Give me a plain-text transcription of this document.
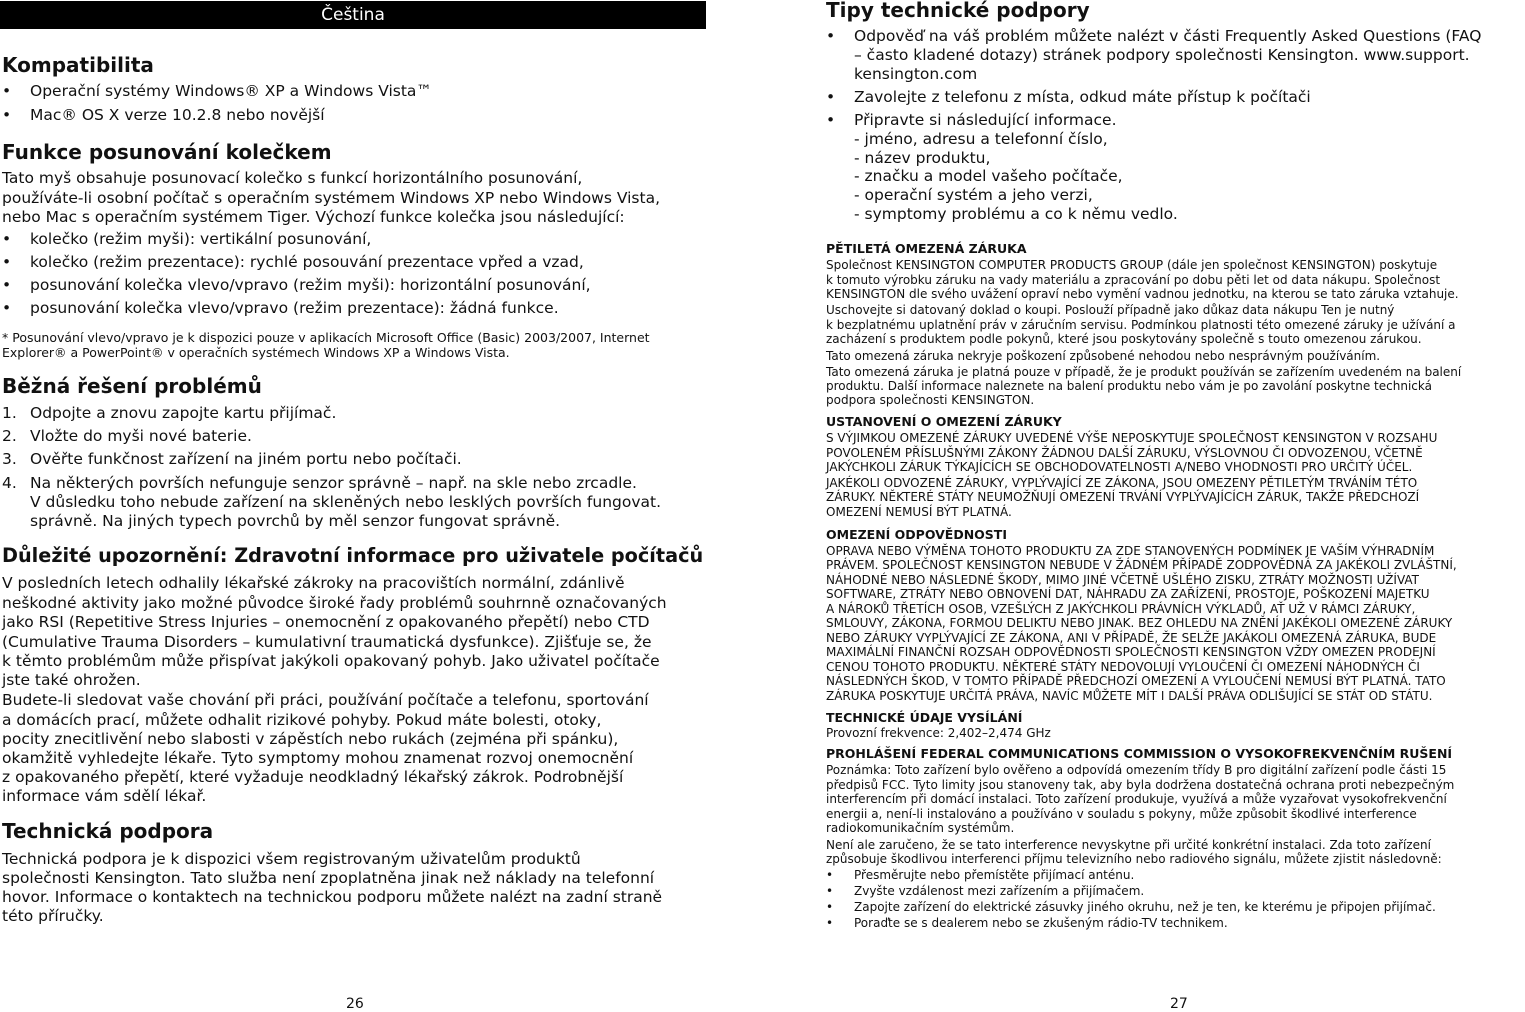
Čeština
Kompatibilita
•	Operační systémy Windows® XP a Windows Vista™
•	Mac® OS X verze 10.2.8 nebo novější
Funkce posunování kolečkem
Tato myš obsahuje posunovací kolečko s funkcí horizontálního posunování,
používáte-li osobní počítač s operačním systémem Windows XP nebo Windows Vista,
nebo Mac s operačním systémem Tiger. Výchozí funkce kolečka jsou následující:
•	kolečko (režim myši): vertikální posunování,
•	kolečko (režim prezentace): rychlé posouvání prezentace vpřed a vzad,
•	posunování kolečka vlevo/vpravo (režim myši): horizontální posunování,
•	posunování kolečka vlevo/vpravo (režim prezentace): žádná funkce.
* Posunování vlevo/vpravo je k dispozici pouze v aplikacích Microsoft Office (Basic) 2003/2007, Internet
Explorer® a PowerPoint® v operačních systémech Windows XP a Windows Vista.
Běžná řešení problémů
1. Odpojte a znovu zapojte kartu přijímač.
2. Vložte do myši nové baterie.
3. Ověřte funkčnost zařízení na jiném portu nebo počítači.
4. Na některých površích nefunguje senzor správně – např. na skle nebo zrcadle.
V důsledku toho nebude zařízení na skleněných nebo lesklých površích fungovat.
správně. Na jiných typech povrchů by měl senzor fungovat správně.
Důležité upozornění: Zdravotní informace pro uživatele počítačů
V posledních letech odhalily lékařské zákroky na pracovištích normální, zdánlivě
neškodné aktivity jako možné původce široké řady problémů souhrnně označovaných
jako RSI (Repetitive Stress Injuries – onemocnění z opakovaného přepětí) nebo CTD
(Cumulative Trauma Disorders – kumulativní traumatická dysfunkce). Zjišťuje se, že
k těmto problémům může přispívat jakýkoli opakovaný pohyb. Jako uživatel počítače
jste také ohrožen.
Budete-li sledovat vaše chování při práci, používání počítače a telefonu, sportování
a domácích prací, můžete odhalit rizikové pohyby. Pokud máte bolesti, otoky,
pocity znecitlivění nebo slabosti v zápěstích nebo rukách (zejména při spánku),
okamžitě vyhledejte lékaře. Tyto symptomy mohou znamenat rozvoj onemocnění
z opakovaného přepětí, které vyžaduje neodkladný lékařský zákrok. Podrobnější
informace vám sdělí lékař.
Technická podpora
Technická podpora je k dispozici všem registrovaným uživatelům produktů
společnosti Kensington. Tato služba není zpoplatněna jinak než náklady na telefonní
hovor. Informace o kontaktech na technickou podporu můžete nalézt na zadní straně
této příručky.
26
Tipy technické podpory
• Odpověď na váš problém můžete nalézt v části Frequently Asked Questions (FAQ
– často kladené dotazy) stránek podpory společnosti Kensington. www.support.
kensington.com
• Zavolejte z telefonu z místa, odkud máte přístup k počítači
• Připravte si následující informace.
- jméno, adresu a telefonní číslo,
- název produktu,
- značku a model vašeho počítače,
- operační systém a jeho verzi,
- symptomy problému a co k němu vedlo.
PĚTILETÁ OMEZENÁ ZÁRUKA
Společnost KENSINGTON COMPUTER PRODUCTS GROUP (dále jen společnost KENSINGTON) poskytuje
k tomuto výrobku záruku na vady materiálu a zpracování po dobu pěti let od data nákupu. Společnost
KENSINGTON dle svého uvážení opraví nebo vymění vadnou jednotku, na kterou se tato záruka vztahuje.
Uschovejte si datovaný doklad o koupi. Poslouží případně jako důkaz data nákupu Ten je nutný
k bezplatnému uplatnění práv v záručním servisu. Podmínkou platnosti této omezené záruky je užívání a
zacházení s produktem podle pokynů, které jsou poskytovány společně s touto omezenou zárukou.
Tato omezená záruka nekryje poškození způsobené nehodou nebo nesprávným používáním.
Tato omezená záruka je platná pouze v případě, že je produkt používán se zařízením uvedeném na balení
produktu. Další informace naleznete na balení produktu nebo vám je po zavolání poskytne technická
podpora společnosti KENSINGTON.
USTANOVENÍ O OMEZENÍ ZÁRUKY
S VÝJIMKOU OMEZENÉ ZÁRUKY UVEDENÉ VÝŠE NEPOSKYTUJE SPOLEČNOST KENSINGTON V ROZSAHU
POVOLENÉM PŘÍSLUŠNÝMI ZÁKONY ŽÁDNOU DALŠÍ ZÁRUKU, VÝSLOVNOU ČI ODVOZENOU, VČETNĚ
JAKÝCHKOLI ZÁRUK TÝKAJÍCÍCH SE OBCHODOVATELNOSTI A/NEBO VHODNOSTI PRO URČITÝ ÚČEL.
JAKÉKOLI ODVOZENÉ ZÁRUKY, VYPLÝVAJÍCÍ ZE ZÁKONA, JSOU OMEZENY PĚTILETÝM TRVÁNÍM TÉTO
ZÁRUKY. NĚKTERÉ STÁTY NEUMOŽŇUJÍ OMEZENÍ TRVÁNÍ VYPLÝVAJÍCÍCH ZÁRUK, TAKŽE PŘEDCHOZÍ
OMEZENÍ NEMUSÍ BÝT PLATNÁ.
OMEZENÍ ODPOVĚDNOSTI
OPRAVA NEBO VÝMĚNA TOHOTO PRODUKTU ZA ZDE STANOVENÝCH PODMÍNEK JE VAŠÍM VÝHRADNÍM
PRÁVEM. SPOLEČNOST KENSINGTON NEBUDE V ŽÁDNÉM PŘÍPADĚ ZODPOVĚDNÁ ZA JAKÉKOLI ZVLÁŠTNÍ,
NÁHODNÉ NEBO NÁSLEDNÉ ŠKODY, MIMO JINÉ VČETNĚ UŠLÉHO ZISKU, ZTRÁTY MOŽNOSTI UŽÍVAT
SOFTWARE, ZTRÁTY NEBO OBNOVENÍ DAT, NÁHRADU ZA ZAŘÍZENÍ, PROSTOJE, POŠKOZENÍ MAJETKU
A NÁROKŮ TŘETÍCH OSOB, VZEŠLÝCH Z JAKÝCHKOLI PRÁVNÍCH VÝKLADŮ, AŤ UŽ V RÁMCI ZÁRUKY,
SMLOUVY, ZÁKONA, FORMOU DELIKTU NEBO JINAK. BEZ OHLEDU NA ZNĚNÍ JAKÉKOLI OMEZENÉ ZÁRUKY
NEBO ZÁRUKY VYPLÝVAJÍCÍ ZE ZÁKONA, ANI V PŘÍPADĚ, ŽE SELŽE JAKÁKOLI OMEZENÁ ZÁRUKA, BUDE
MAXIMÁLNÍ FINANČNÍ ROZSAH ODPOVĚDNOSTI SPOLEČNOSTI KENSINGTON VŽDY OMEZEN PRODEJNÍ
CENOU TOHOTO PRODUKTU. NĚKTERÉ STÁTY NEDOVOLUJÍ VYLOUČENÍ ČI OMEZENÍ NÁHODNÝCH ČI
NÁSLEDNÝCH ŠKOD, V TOMTO PŘÍPADĚ PŘEDCHOZÍ OMEZENÍ A VYLOUČENÍ NEMUSÍ BÝT PLATNÁ. TATO
ZÁRUKA POSKYTUJE URČITÁ PRÁVA, NAVÍC MŮŽETE MÍT I DALŠÍ PRÁVA ODLIŠUJÍCÍ SE STÁT OD STÁTU.
TECHNICKÉ ÚDAJE VYSÍLÁNÍ
Provozní frekvence: 2,402–2,474 GHz
PROHLÁŠENÍ FEDERAL COMMUNICATIONS COMMISSION O VYSOKOFREKVENČNÍM RUŠENÍ
Poznámka: Toto zařízení bylo ověřeno a odpovídá omezením třídy B pro digitální zařízení podle části 15
předpisů FCC. Tyto limity jsou stanoveny tak, aby byla dodržena dostatečná ochrana proti nebezpečným
interferencím při domácí instalaci. Toto zařízení produkuje, využívá a může vyzařovat vysokofrekvenční
energii a, není-li instalováno a používáno v souladu s pokyny, může způsobit škodlivé interference
radiokomunikačním systémům.
Není ale zaručeno, že se tato interference nevyskytne při určité konkrétní instalaci. Zda toto zařízení
způsobuje škodlivou interferenci příjmu televizního nebo radiového signálu, můžete zjistit následovně:
• Přesměrujte nebo přemístěte přijímací anténu.
• Zvyšte vzdálenost mezi zařízením a přijímačem.
• Zapojte zařízení do elektrické zásuvky jiného okruhu, než je ten, ke kterému je připojen přijímač.
• Poraďte se s dealerem nebo se zkušeným rádio-TV technikem.
27
